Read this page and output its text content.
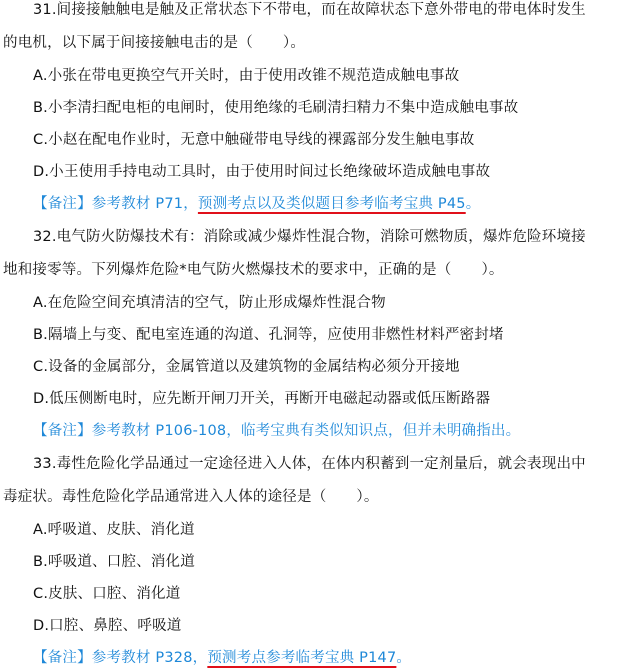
31.间接接触触电是触及正常状态下不带电，而在故障状态下意外带电的带电体时发生
的电机，以下属于间接接触电击的是（ ）。
A.小张在带电更换空气开关时，由于使用改锥不规范造成触电事故
B.小李清扫配电柜的电闸时，使用绝缘的毛刷清扫精力不集中造成触电事故
C.小赵在配电作业时，无意中触碰带电导线的裸露部分发生触电事故
D.小王使用手持电动工具时，由于使用时间过长绝缘破坏造成触电事故
【备注】参考教材 P71，预测考点以及类似题目参考临考宝典 P45。
32.电气防火防爆技术有：消除或减少爆炸性混合物，消除可燃物质，爆炸危险环境接
地和接零等。下列爆炸危险*电气防火燃爆技术的要求中，正确的是（ ）。
A.在危险空间充填清洁的空气，防止形成爆炸性混合物
B.隔墙上与变、配电室连通的沟道、孔洞等，应使用非燃性材料严密封堵
C.设备的金属部分，金属管道以及建筑物的金属结构必须分开接地
D.低压侧断电时，应先断开闸刀开关，再断开电磁起动器或低压断路器
【备注】参考教材 P106-108，临考宝典有类似知识点，但并未明确指出。
33.毒性危险化学品通过一定途径进入人体，在体内积蓄到一定剂量后，就会表现出中
毒症状。毒性危险化学品通常进入人体的途径是（ ）。
A.呼吸道、皮肤、消化道
B.呼吸道、口腔、消化道
C.皮肤、口腔、消化道
D.口腔、鼻腔、呼吸道
【备注】参考教材 P328，预测考点参考临考宝典 P147。
